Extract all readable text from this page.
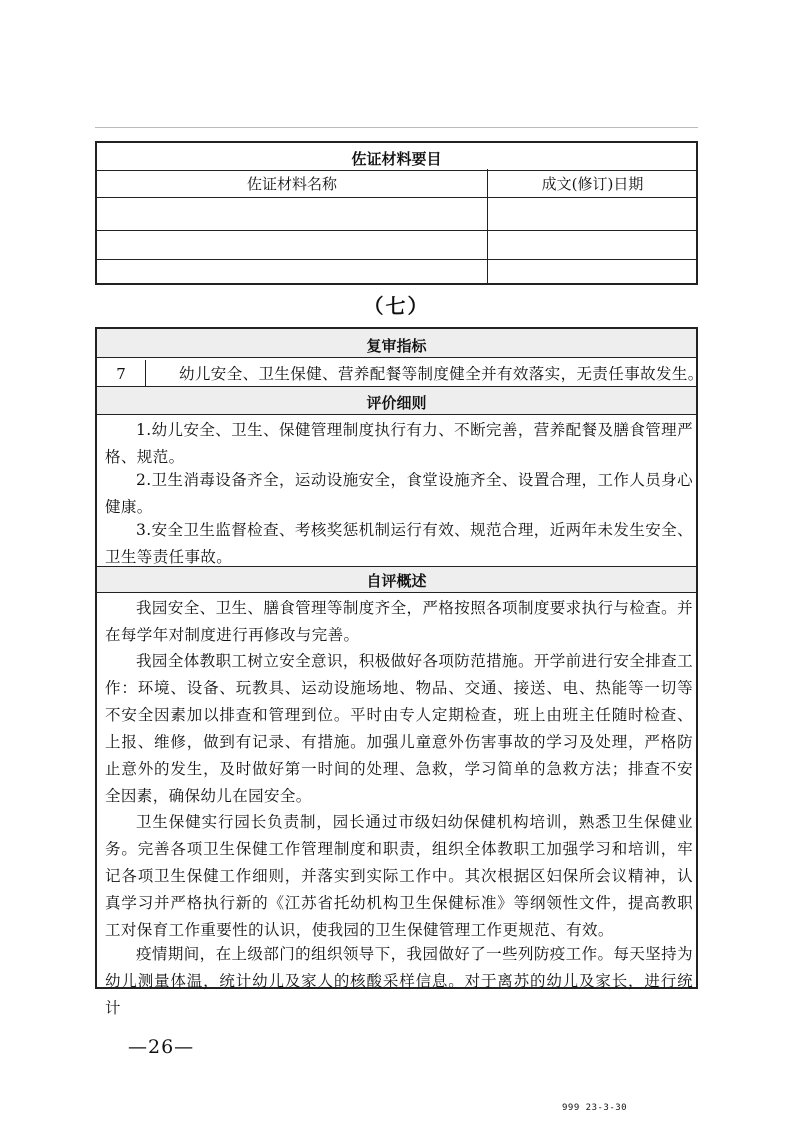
佐证材料要目
佐证材料名称	成文(修订)日期
（七）
复审指标
7	幼儿安全、卫生保健、营养配餐等制度健全并有效落实，无责任事故发生。
评价细则
1.幼儿安全、卫生、保健管理制度执行有力、不断完善，营养配餐及膳食管理严格、规范。
2.卫生消毒设备齐全，运动设施安全，食堂设施齐全、设置合理，工作人员身心健康。
3.安全卫生监督检查、考核奖惩机制运行有效、规范合理，近两年未发生安全、卫生等责任事故。
自评概述
我园安全、卫生、膳食管理等制度齐全，严格按照各项制度要求执行与检查。并在每学年对制度进行再修改与完善。
我园全体教职工树立安全意识，积极做好各项防范措施。开学前进行安全排查工作：环境、设备、玩教具、运动设施场地、物品、交通、接送、电、热能等一切等不安全因素加以排查和管理到位。平时由专人定期检查，班上由班主任随时检查、上报、维修，做到有记录、有措施。加强儿童意外伤害事故的学习及处理，严格防止意外的发生，及时做好第一时间的处理、急救，学习简单的急救方法；排查不安全因素，确保幼儿在园安全。
卫生保健实行园长负责制，园长通过市级妇幼保健机构培训，熟悉卫生保健业务。完善各项卫生保健工作管理制度和职责，组织全体教职工加强学习和培训，牢记各项卫生保健工作细则，并落实到实际工作中。其次根据区妇保所会议精神，认真学习并严格执行新的《江苏省托幼机构卫生保健标准》等纲领性文件，提高教职工对保育工作重要性的认识，使我园的卫生保健管理工作更规范、有效。
疫情期间，在上级部门的组织领导下，我园做好了一些列防疫工作。每天坚持为幼儿测量体温，统计幼儿及家人的核酸采样信息。对于离苏的幼儿及家长，进行统计
—26—
999 23-3-30
